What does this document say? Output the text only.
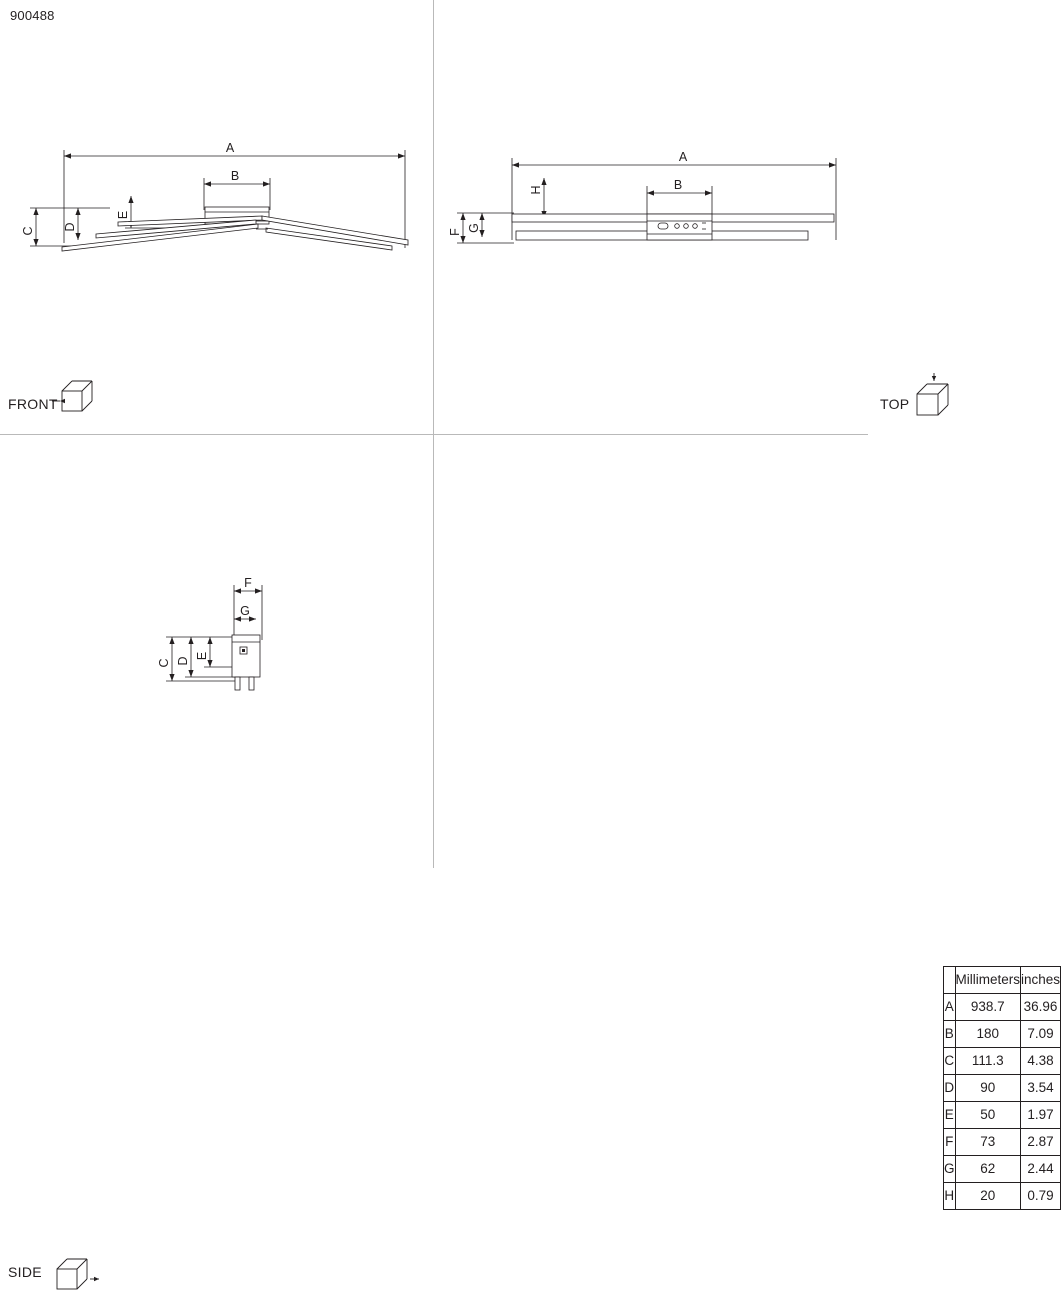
900488
A
B
C D
E
FRONT
A
B
H
F G
TOP
F
G
C D
E
SIDE
	Millimeters	inches
A	938.7	36.96
B	180	7.09
C	111.3	4.38
D	90	3.54
E	50	1.97
F	73	2.87
G	62	2.44
H	20	0.79
